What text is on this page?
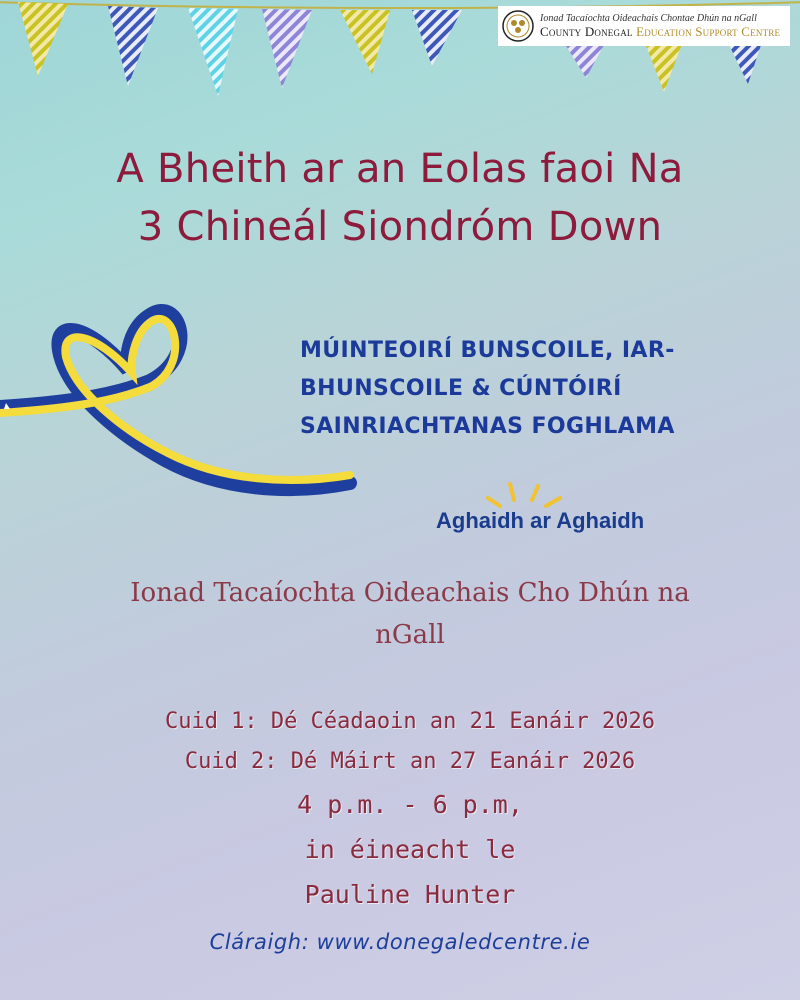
Ionad Tacaíochta Oideachais Chontae Dhún na nGall
County Donegal Education Support Centre
A Bheith ar an Eolas faoi Na
3 Chineál Siondróm Down
MÚINTEOIRÍ BUNSCOILE, IAR-
BHUNSCOILE & CÚNTÓIRÍ
SAINRIACHTANAS FOGHLAMA
Aghaidh ar Aghaidh
Ionad Tacaíochta Oideachais Cho Dhún na
nGall
Cuid 1: Dé Céadaoin an 21 Eanáir 2026
Cuid 2: Dé Máirt an 27 Eanáir 2026
4 p.m. - 6 p.m,
in éineacht le
Pauline Hunter
Cláraigh: www.donegaledcentre.ie
